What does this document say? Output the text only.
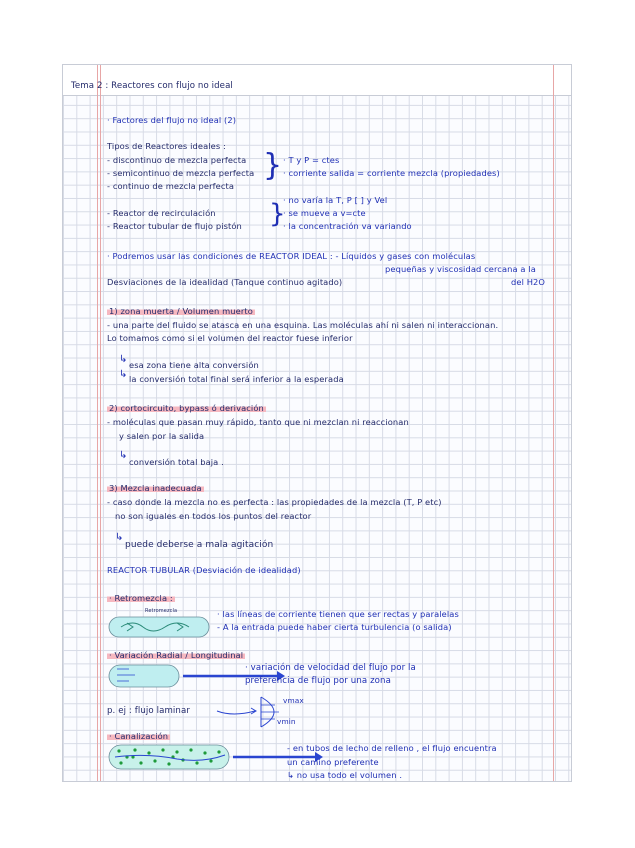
Tema 2 : Reactores con flujo no ideal
· Factores del flujo no ideal (2)
Tipos de Reactores ideales :
- discontinuo de mezcla perfecta
- semicontinuo de mezcla perfecta
- continuo de mezcla perfecta
} · T y P = ctes
· corriente salida = corriente mezcla (propiedades)
· no varía la T, P [ ] y Vel
- Reactor de recirculación	· se mueve a v=cte
- Reactor tubular de flujo pistón	· la concentración va variando
}
· Podremos usar las condiciones de REACTOR IDEAL : - Líquidos y gases con moléculas
pequeñas y viscosidad cercana a la
del H2O
Desviaciones de la idealidad (Tanque continuo agitado)
1) zona muerta / Volumen muerto
- una parte del fluido se atasca en una esquina. Las moléculas ahí ni salen ni interaccionan.
Lo tomamos como si el volumen del reactor fuese inferior
↳ esa zona tiene alta conversión
↳ la conversión total final será inferior a la esperada
2) cortocircuito, bypass ó derivación
- moléculas que pasan muy rápido, tanto que ni mezclan ni reaccionan
y salen por la salida
↳
conversión total baja .
3) Mezcla inadecuada
- caso donde la mezcla no es perfecta : las propiedades de la mezcla (T, P etc)
no son iguales en todos los puntos del reactor
↳
puede deberse a mala agitación
REACTOR TUBULAR (Desviación de idealidad)
· Retromezcla :
Retromezcla	· las líneas de corriente tienen que ser rectas y paralelas
- A la entrada puede haber cierta turbulencia (o salida)
· Variación Radial / Longitudinal
· variación de velocidad del flujo por la
preferencia de flujo por una zona
p. ej : flujo laminar
vmax
vmin
· Canalización
- en tubos de lecho de relleno , el flujo encuentra
un camino preferente
↳ no usa todo el volumen .
